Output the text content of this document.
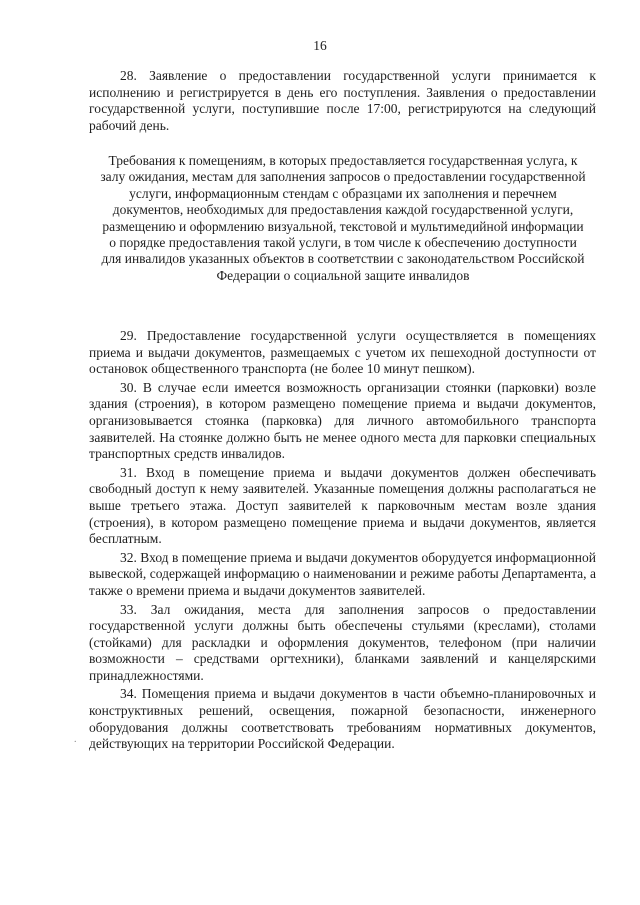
16

28. Заявление о предоставлении государственной услуги принимается к исполнению и регистрируется в день его поступления. Заявления о предоставлении государственной услуги, поступившие после 17:00, регистрируются на следующий рабочий день.

Требования к помещениям, в которых предоставляется государственная услуга, к залу ожидания, местам для заполнения запросов о предоставлении государственной услуги, информационным стендам с образцами их заполнения и перечнем документов, необходимых для предоставления каждой государственной услуги, размещению и оформлению визуальной, текстовой и мультимедийной информации о порядке предоставления такой услуги, в том числе к обеспечению доступности для инвалидов указанных объектов в соответствии с законодательством Российской Федерации о социальной защите инвалидов

29. Предоставление государственной услуги осуществляется в помещениях приема и выдачи документов, размещаемых с учетом их пешеходной доступности от остановок общественного транспорта (не более 10 минут пешком).

30. В случае если имеется возможность организации стоянки (парковки) возле здания (строения), в котором размещено помещение приема и выдачи документов, организовывается стоянка (парковка) для личного автомобильного транспорта заявителей. На стоянке должно быть не менее одного места для парковки специальных транспортных средств инвалидов.

31. Вход в помещение приема и выдачи документов должен обеспечивать свободный доступ к нему заявителей. Указанные помещения должны располагаться не выше третьего этажа. Доступ заявителей к парковочным местам возле здания (строения), в котором размещено помещение приема и выдачи документов, является бесплатным.

32. Вход в помещение приема и выдачи документов оборудуется информационной вывеской, содержащей информацию о наименовании и режиме работы Департамента, а также о времени приема и выдачи документов заявителей.

33. Зал ожидания, места для заполнения запросов о предоставлении государственной услуги должны быть обеспечены стульями (креслами), столами (стойками) для раскладки и оформления документов, телефоном (при наличии возможности – средствами оргтехники), бланками заявлений и канцелярскими принадлежностями.

34. Помещения приема и выдачи документов в части объемно-планировочных и конструктивных решений, освещения, пожарной безопасности, инженерного оборудования должны соответствовать требованиям нормативных документов, действующих на территории Российской Федерации.

.
